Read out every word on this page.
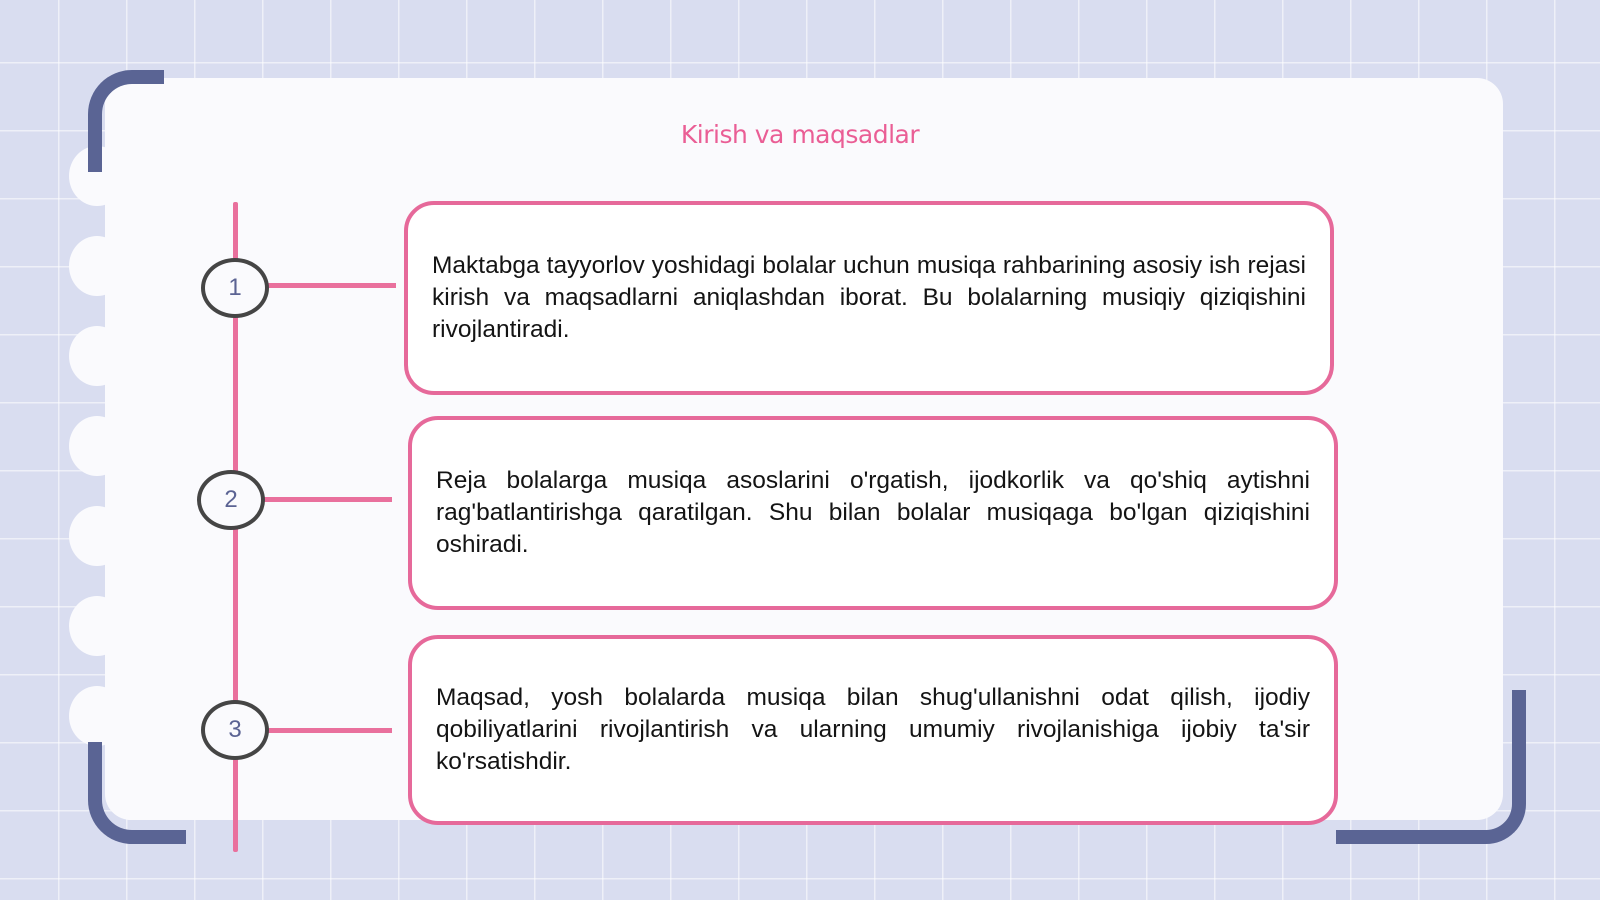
Kirish va maqsadlar
1
2
3

Maktabga tayyorlov yoshidagi bolalar uchun musiqa rahbarining asosiy ish rejasi kirish va maqsadlarni aniqlashdan iborat. Bu bolalarning musiqiy qiziqishini rivojlantiradi.

Reja bolalarga musiqa asoslarini o'rgatish, ijodkorlik va qo'shiq aytishni rag'batlantirishga qaratilgan. Shu bilan bolalar musiqaga bo'lgan qiziqishini oshiradi.

Maqsad, yosh bolalarda musiqa bilan shug'ullanishni odat qilish, ijodiy qobiliyatlarini rivojlantirish va ularning umumiy rivojlanishiga ijobiy ta'sir ko'rsatishdir.
